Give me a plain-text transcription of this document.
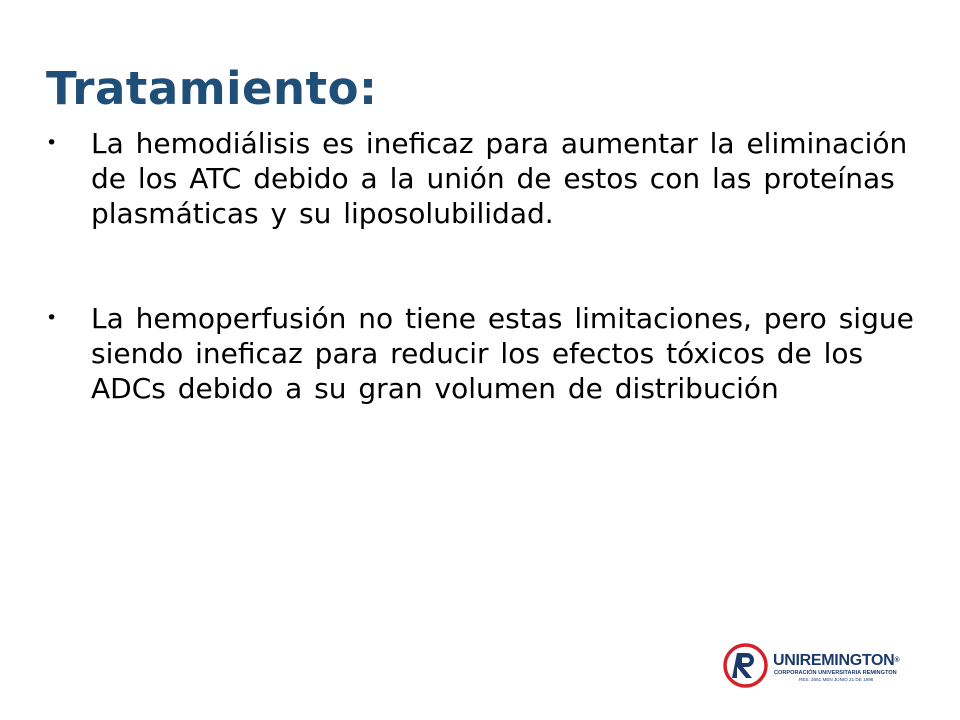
Tratamiento:
• La hemodiálisis es ineficaz para aumentar la eliminación de los ATC debido a la unión de estos con las proteínas plasmáticas y su liposolubilidad.
• La hemoperfusión no tiene estas limitaciones, pero sigue siendo ineficaz para reducir los efectos tóxicos de los ADCs debido a su gran volumen de distribución
UNIREMINGTON®
CORPORACIÓN UNIVERSITARIA REMINGTON
RES. 2661 MEN JUNIO 21 DE 1996
